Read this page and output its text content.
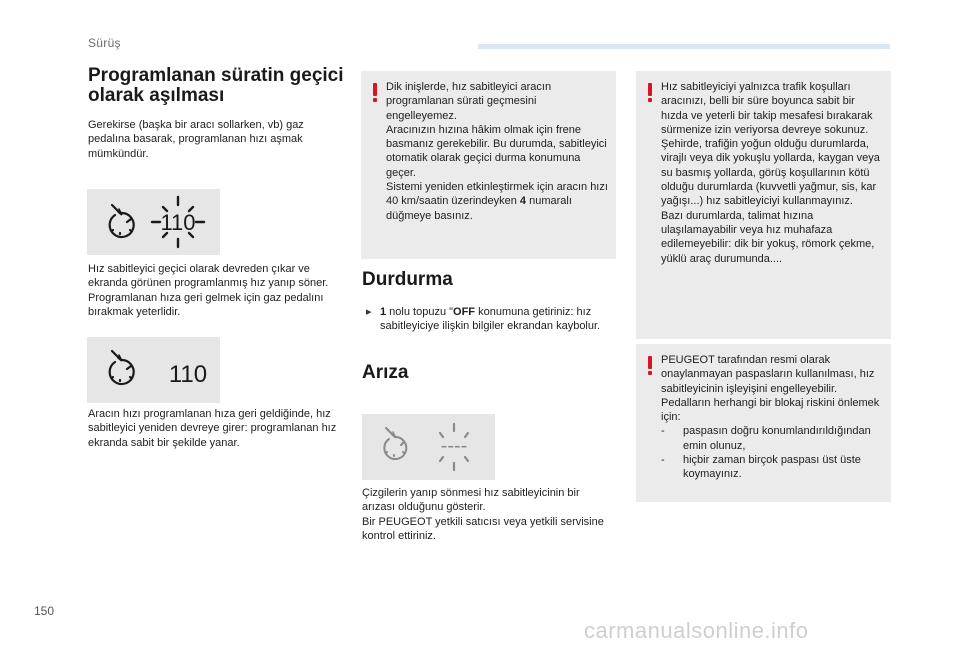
Sürüş
Programlanan süratin geçici olarak aşılması
Gerekirse (başka bir aracı sollarken, vb) gaz pedalına basarak, programlanan hızı aşmak mümkündür.
110
Hız sabitleyici geçici olarak devreden çıkar ve ekranda görünen programlanmış hız yanıp söner.
Programlanan hıza geri gelmek için gaz pedalını bırakmak yeterlidir.
110
Aracın hızı programlanan hıza geri geldiğinde, hız sabitleyici yeniden devreye girer: programlanan hız ekranda sabit bir şekilde yanar.
Dik inişlerde, hız sabitleyici aracın programlanan sürati geçmesini engelleyemez.
Aracınızın hızına hâkim olmak için frene basmanız gerekebilir. Bu durumda, sabitleyici otomatik olarak geçici durma konumuna geçer.
Sistemi yeniden etkinleştirmek için aracın hızı 40 km/saatin üzerindeyken 4 numaralı düğmeye basınız.
Durdurma
▸ 1 nolu topuzu "OFF konumuna getiriniz: hız sabitleyiciye ilişkin bilgiler ekrandan kaybolur.
Arıza
----
Çizgilerin yanıp sönmesi hız sabitleyicinin bir arızası olduğunu gösterir.
Bir PEUGEOT yetkili satıcısı veya yetkili servisine kontrol ettiriniz.
Hız sabitleyiciyi yalnızca trafik koşulları aracınızı, belli bir süre boyunca sabit bir hızda ve yeterli bir takip mesafesi bırakarak sürmenize izin veriyorsa devreye sokunuz.
Şehirde, trafiğin yoğun olduğu durumlarda, virajlı veya dik yokuşlu yollarda, kaygan veya su basmış yollarda, görüş koşullarının kötü olduğu durumlarda (kuvvetli yağmur, sis, kar yağışı...) hız sabitleyiciyi kullanmayınız.
Bazı durumlarda, talimat hızına ulaşılamayabilir veya hız muhafaza edilemeyebilir: dik bir yokuş, römork çekme, yüklü araç durumunda....
PEUGEOT tarafından resmi olarak onaylanmayan paspasların kullanılması, hız sabitleyicinin işleyişini engelleyebilir. Pedalların herhangi bir blokaj riskini önlemek için:
- paspasın doğru konumlandırıldığından emin olunuz,
- hiçbir zaman birçok paspası üst üste koymayınız.
150
carmanualsonline.info
